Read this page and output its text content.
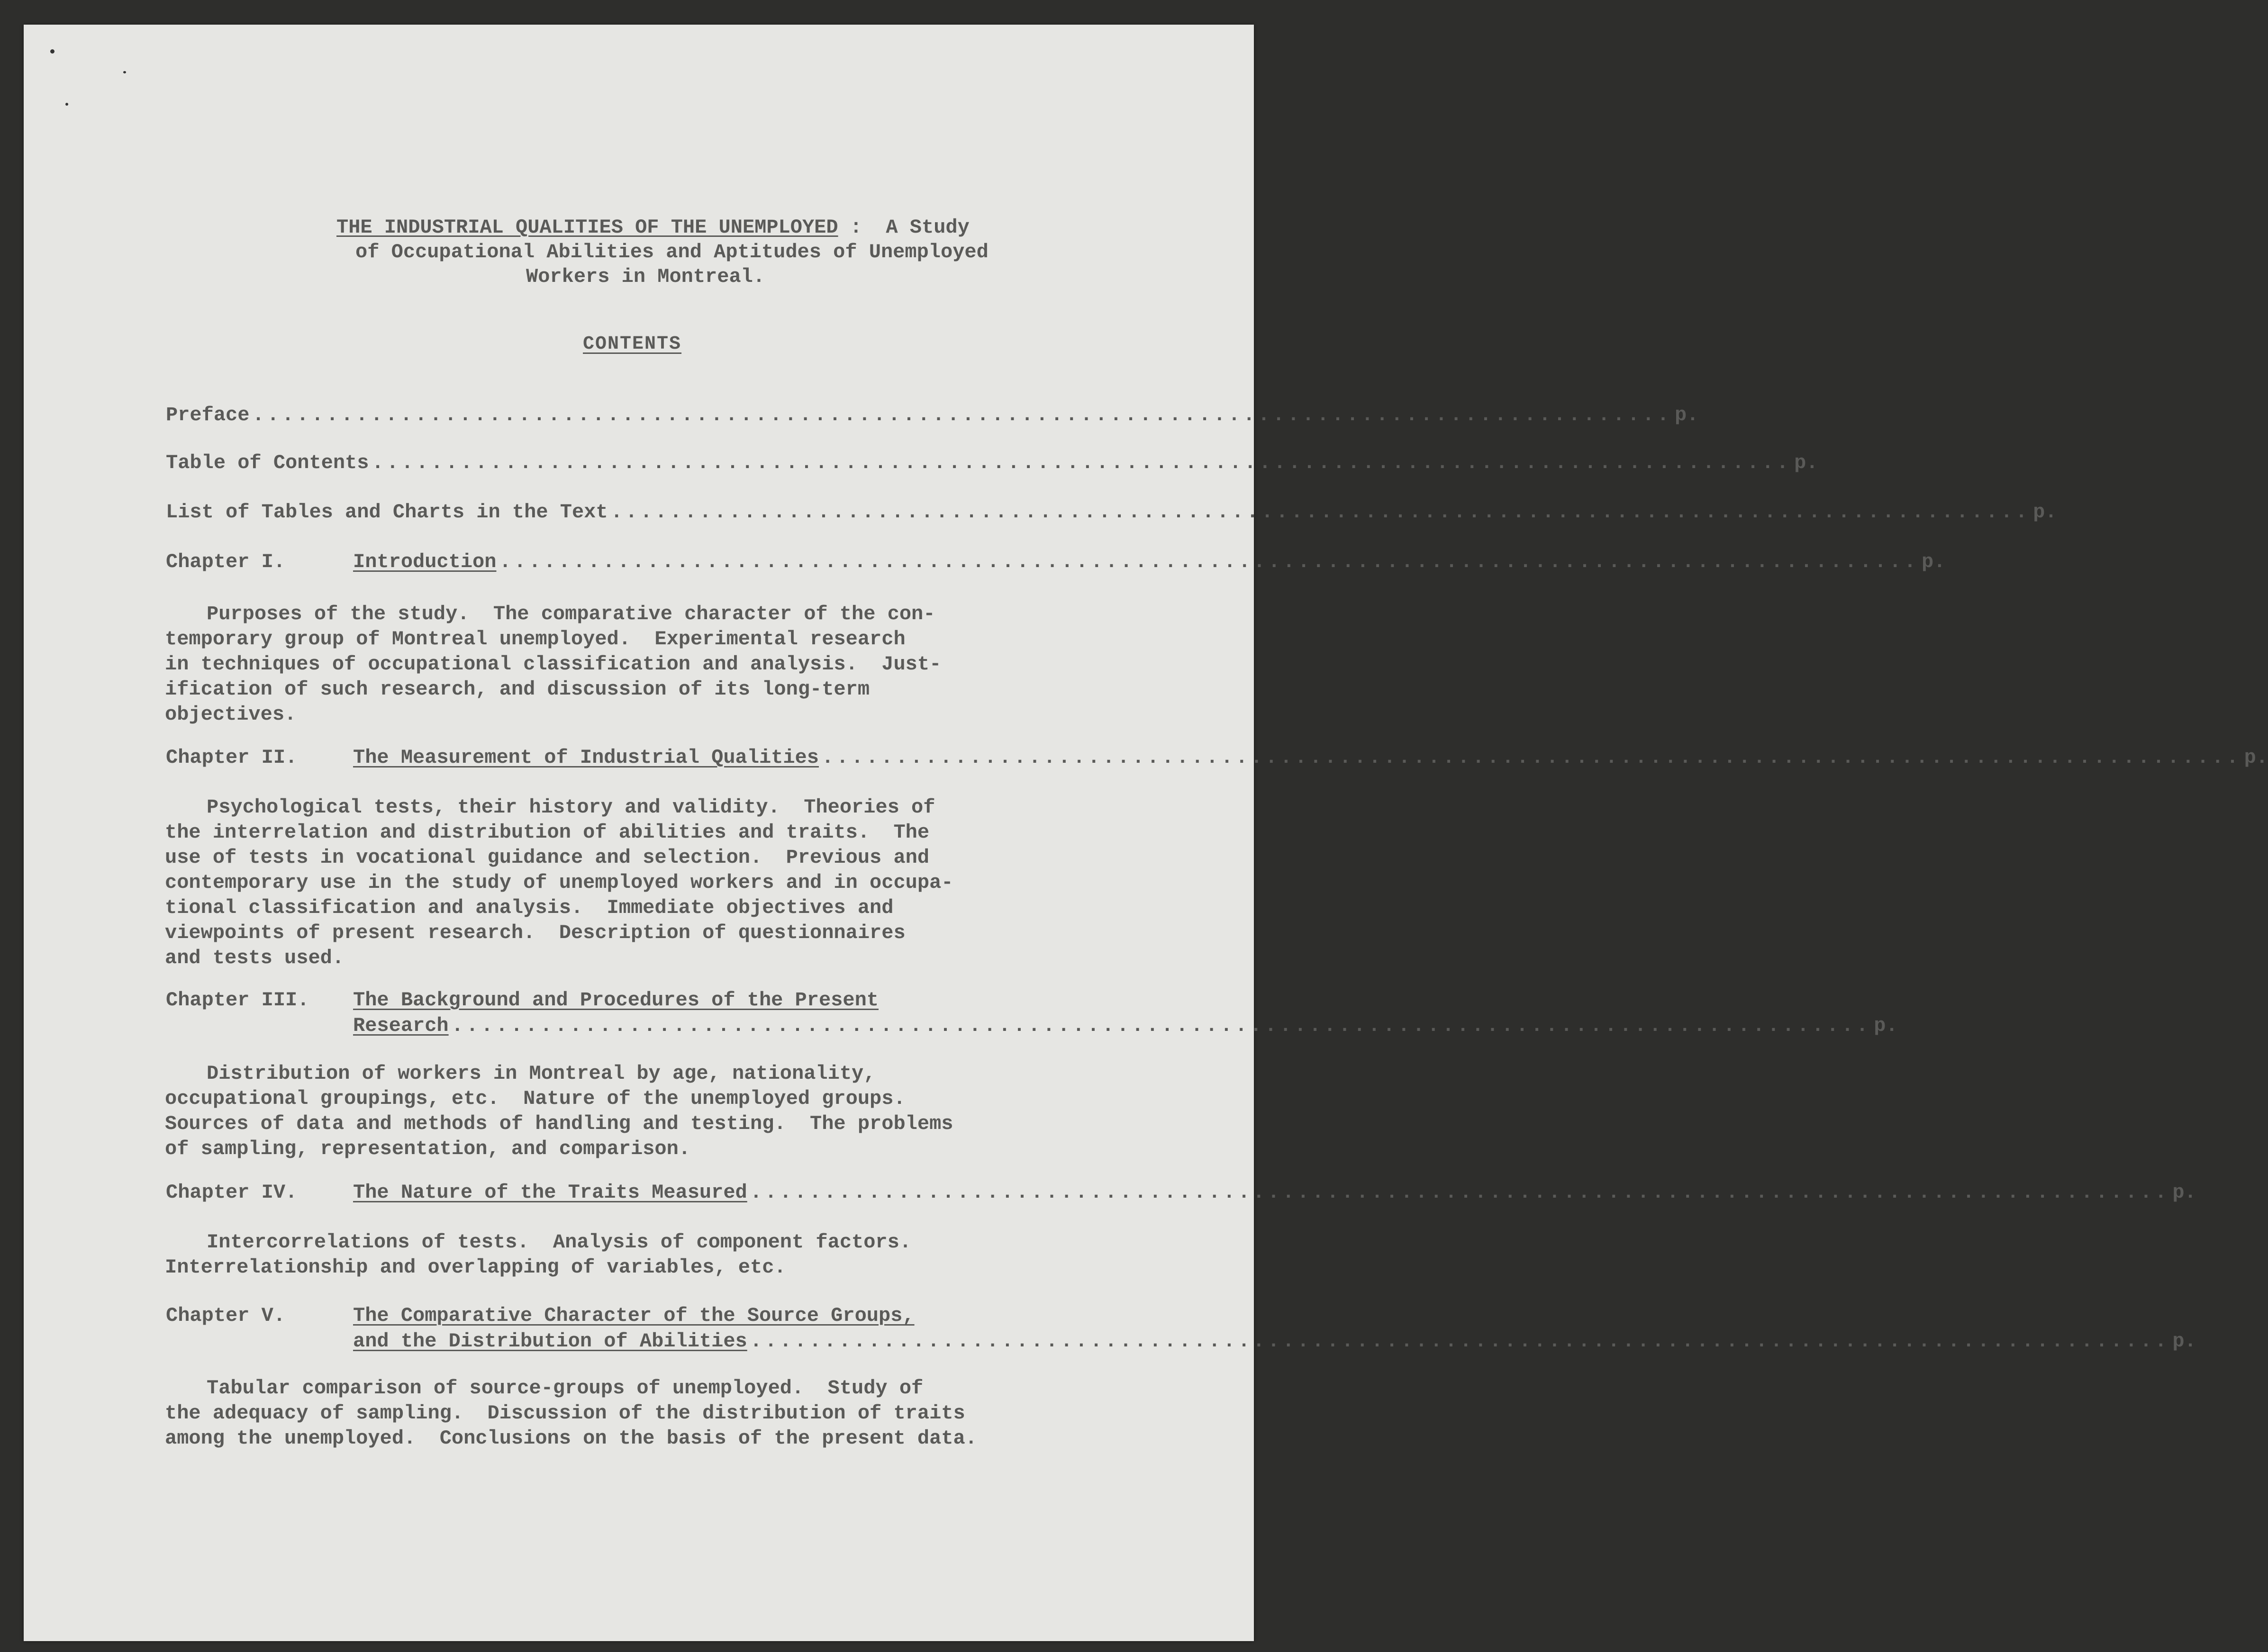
THE INDUSTRIAL QUALITIES OF THE UNEMPLOYED :  A Study
of Occupational Abilities and Aptitudes of Unemployed
Workers in Montreal.
CONTENTS
Preface ................................................................................................ p.
Table of Contents ................................................................................................ p.
List of Tables and Charts in the Text ................................................................................................ p.
Chapter I.	Introduction ................................................................................................ p.
Purposes of the study.  The comparative character of the con-
temporary group of Montreal unemployed.  Experimental research
in techniques of occupational classification and analysis.  Just-
ification of such research, and discussion of its long-term
objectives.
Chapter II.	The Measurement of Industrial Qualities ................................................................................................ p.
Psychological tests, their history and validity.  Theories of
the interrelation and distribution of abilities and traits.  The
use of tests in vocational guidance and selection.  Previous and
contemporary use in the study of unemployed workers and in occupa-
tional classification and analysis.  Immediate objectives and
viewpoints of present research.  Description of questionnaires
and tests used.
Chapter III.	The Background and Procedures of the Present
Research ................................................................................................ p.
Distribution of workers in Montreal by age, nationality,
occupational groupings, etc.  Nature of the unemployed groups.
Sources of data and methods of handling and testing.  The problems
of sampling, representation, and comparison.
Chapter IV.	The Nature of the Traits Measured ................................................................................................ p.
Intercorrelations of tests.  Analysis of component factors.
Interrelationship and overlapping of variables, etc.
Chapter V.	The Comparative Character of the Source Groups,
and the Distribution of Abilities ................................................................................................ p.
Tabular comparison of source-groups of unemployed.  Study of
the adequacy of sampling.  Discussion of the distribution of traits
among the unemployed.  Conclusions on the basis of the present data.
